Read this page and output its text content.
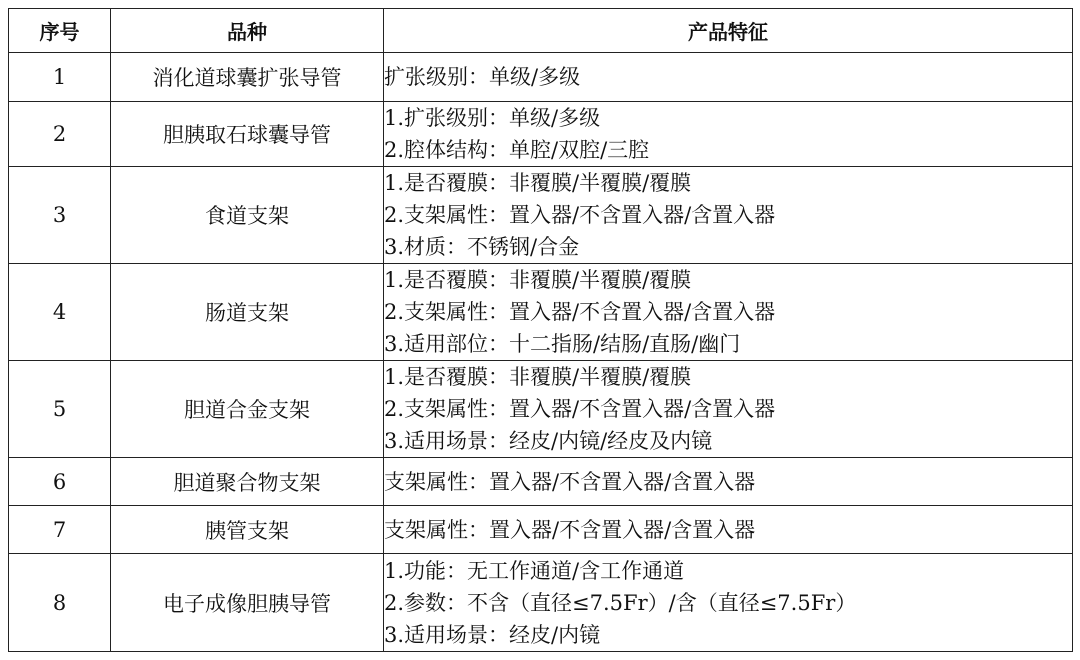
序号	品种	产品特征
1	消化道球囊扩张导管	扩张级别：单级/多级

2	胆胰取石球囊导管	1.扩张级别：单级/多级
2.腔体结构：单腔/双腔/三腔

3	食道支架	1.是否覆膜：非覆膜/半覆膜/覆膜
2.支架属性：置入器/不含置入器/含置入器
3.材质：不锈钢/合金

4	肠道支架	1.是否覆膜：非覆膜/半覆膜/覆膜
2.支架属性：置入器/不含置入器/含置入器
3.适用部位：十二指肠/结肠/直肠/幽门

5	胆道合金支架	1.是否覆膜：非覆膜/半覆膜/覆膜
2.支架属性：置入器/不含置入器/含置入器
3.适用场景：经皮/内镜/经皮及内镜

6	胆道聚合物支架	支架属性：置入器/不含置入器/含置入器

7	胰管支架	支架属性：置入器/不含置入器/含置入器

8	电子成像胆胰导管	1.功能：无工作通道/含工作通道
2.参数：不含（直径≤7.5Fr）/含（直径≤7.5Fr）
3.适用场景：经皮/内镜
